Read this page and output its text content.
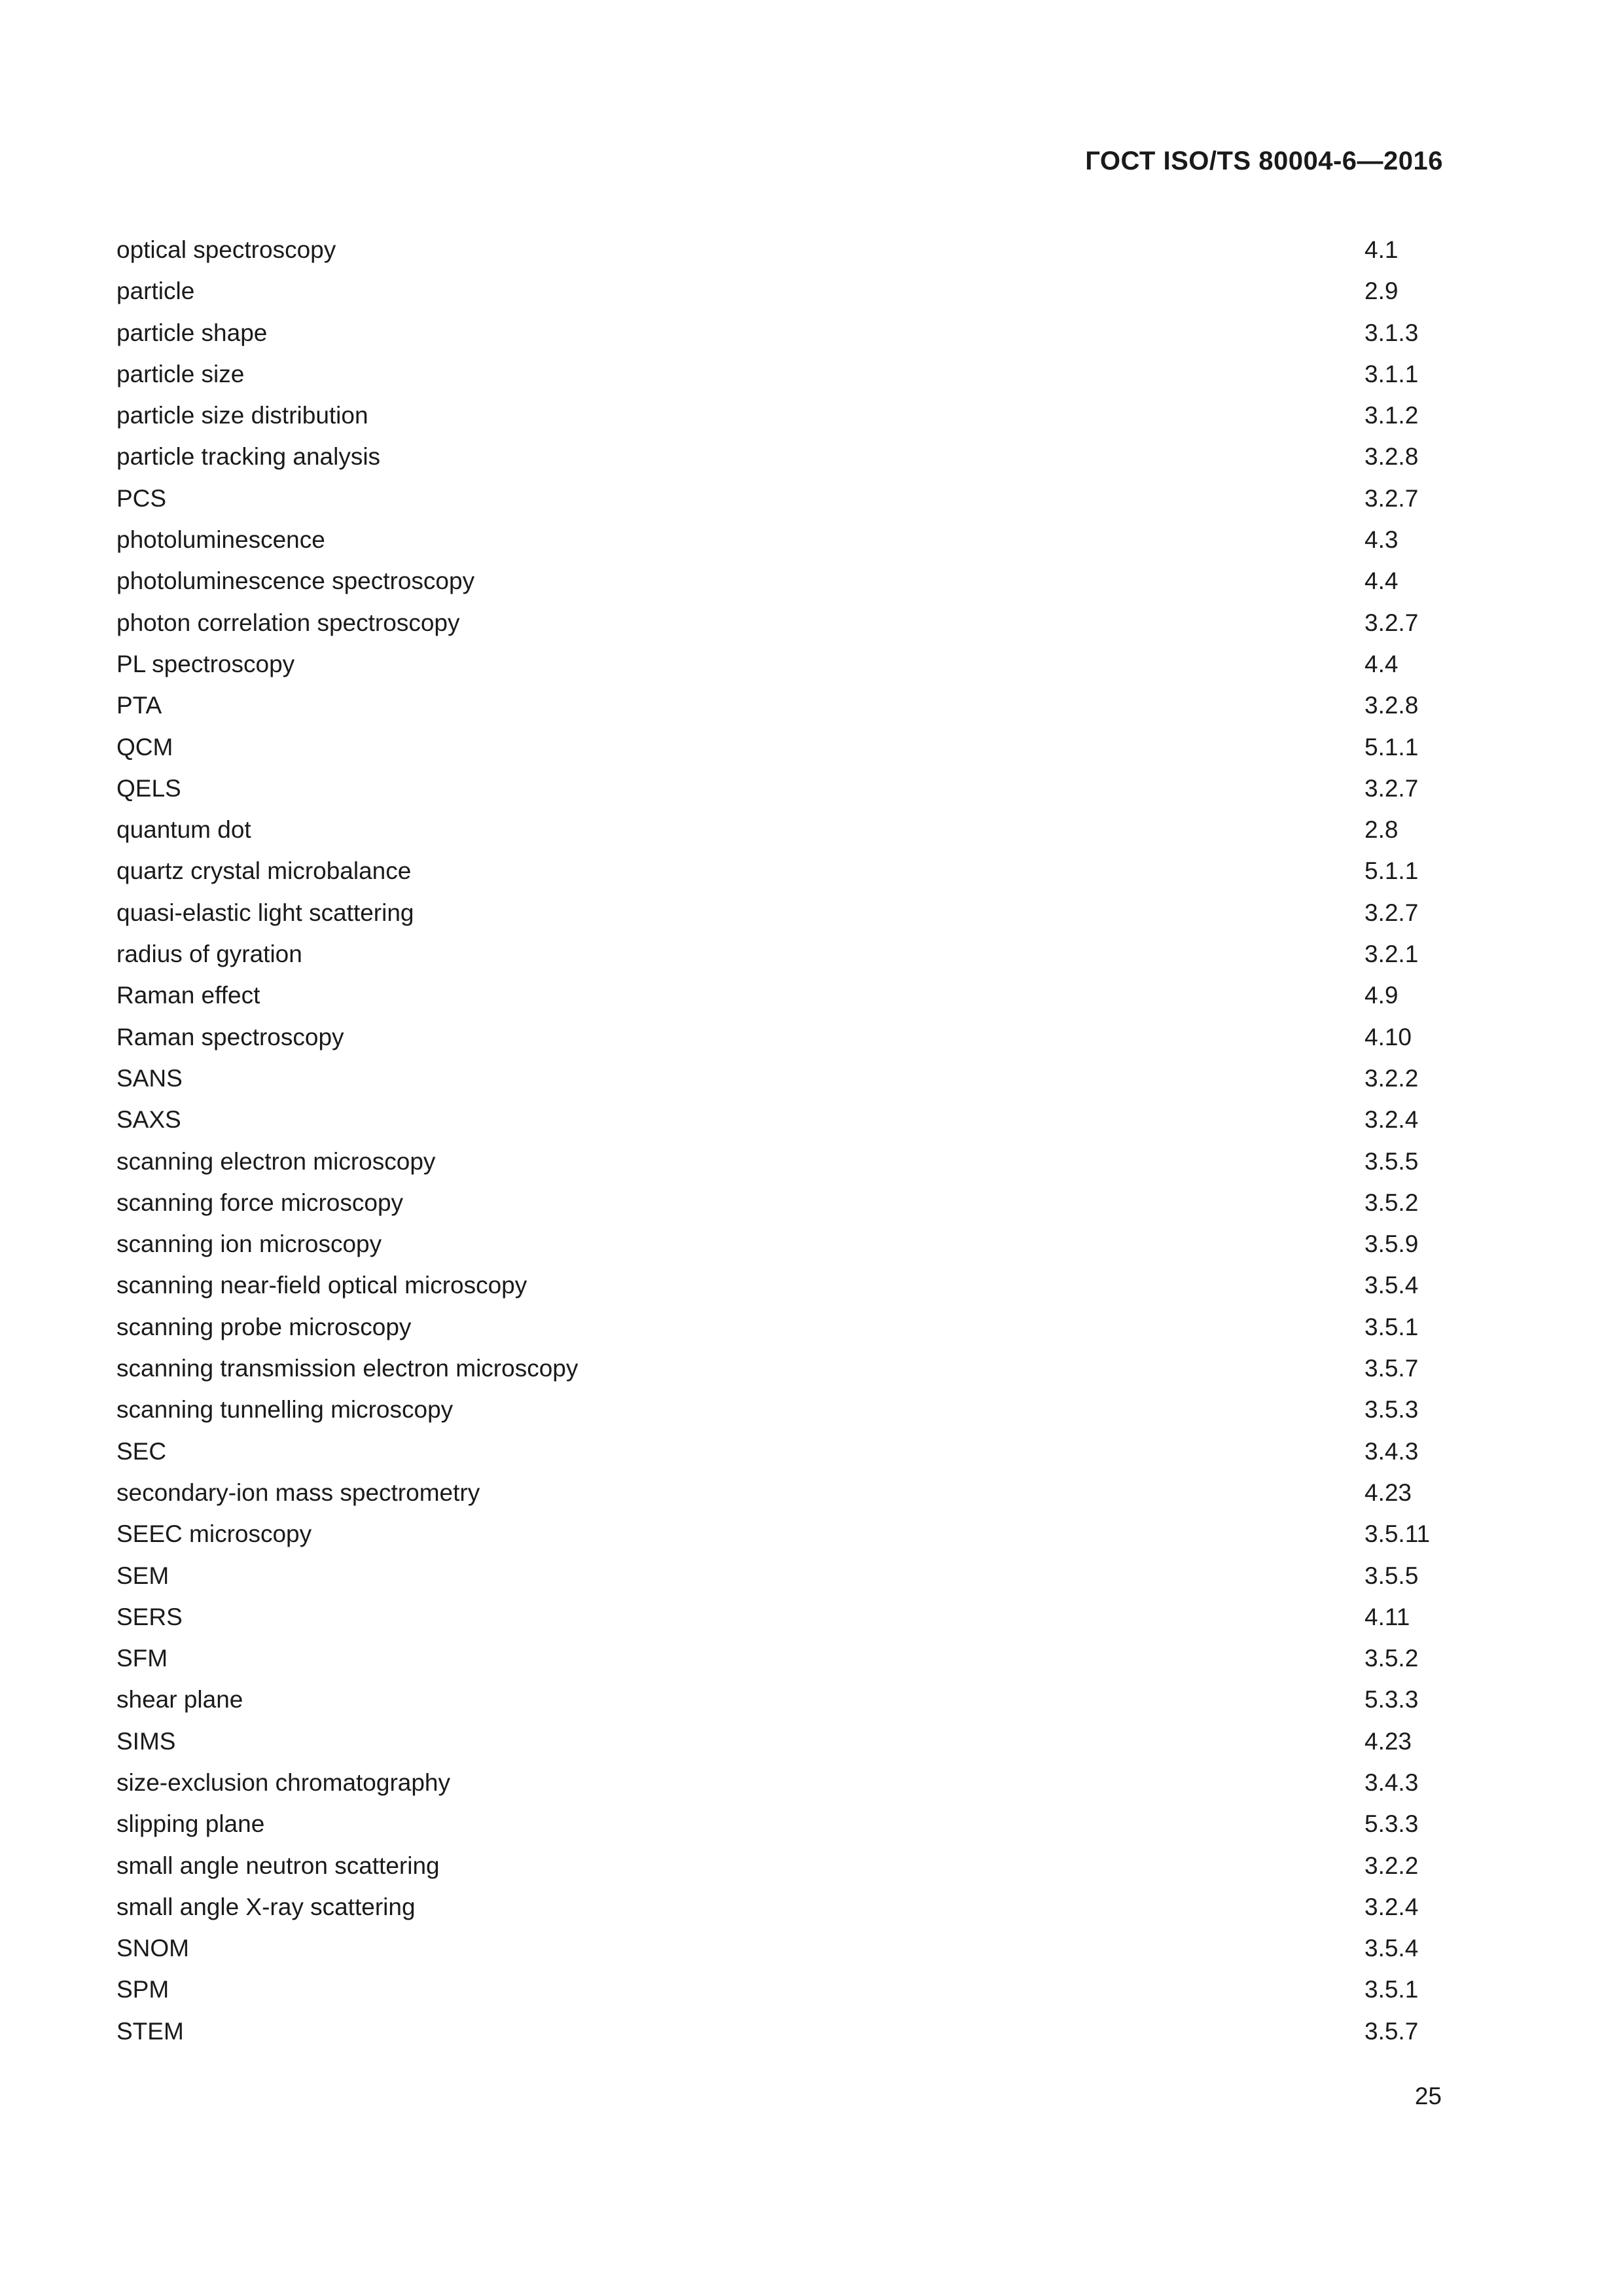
ГОСТ ISO/TS 80004-6—2016
optical spectroscopy	4.1
particle	2.9
particle shape	3.1.3
particle size	3.1.1
particle size distribution	3.1.2
particle tracking analysis	3.2.8
PCS	3.2.7
photoluminescence	4.3
photoluminescence spectroscopy	4.4
photon correlation spectroscopy	3.2.7
PL spectroscopy	4.4
PTA	3.2.8
QCM	5.1.1
QELS	3.2.7
quantum dot	2.8
quartz crystal microbalance	5.1.1
quasi-elastic light scattering	3.2.7
radius of gyration	3.2.1
Raman effect	4.9
Raman spectroscopy	4.10
SANS	3.2.2
SAXS	3.2.4
scanning electron microscopy	3.5.5
scanning force microscopy	3.5.2
scanning ion microscopy	3.5.9
scanning near-field optical microscopy	3.5.4
scanning probe microscopy	3.5.1
scanning transmission electron microscopy	3.5.7
scanning tunnelling microscopy	3.5.3
SEC	3.4.3
secondary-ion mass spectrometry	4.23
SEEC microscopy	3.5.11
SEM	3.5.5
SERS	4.11
SFM	3.5.2
shear plane	5.3.3
SIMS	4.23
size-exclusion chromatography	3.4.3
slipping plane	5.3.3
small angle neutron scattering	3.2.2
small angle X-ray scattering	3.2.4
SNOM	3.5.4
SPM	3.5.1
STEM	3.5.7
25
